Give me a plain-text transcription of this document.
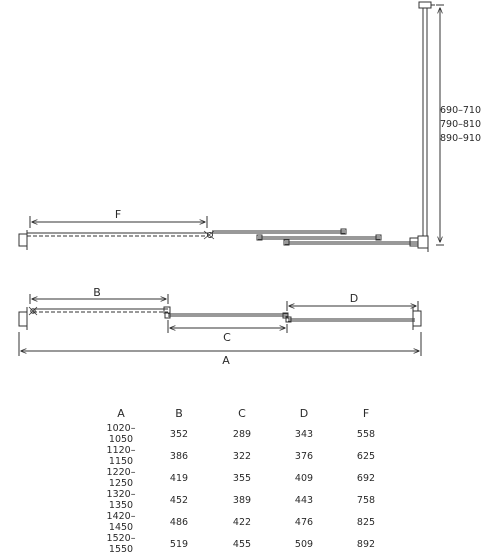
F
B	D
C
A
690–710
790–810
890–910
A	B	C	D	F
1020–1050	352	289	343	558
1120–1150	386	322	376	625
1220–1250	419	355	409	692
1320–1350	452	389	443	758
1420–1450	486	422	476	825
1520–1550	519	455	509	892
